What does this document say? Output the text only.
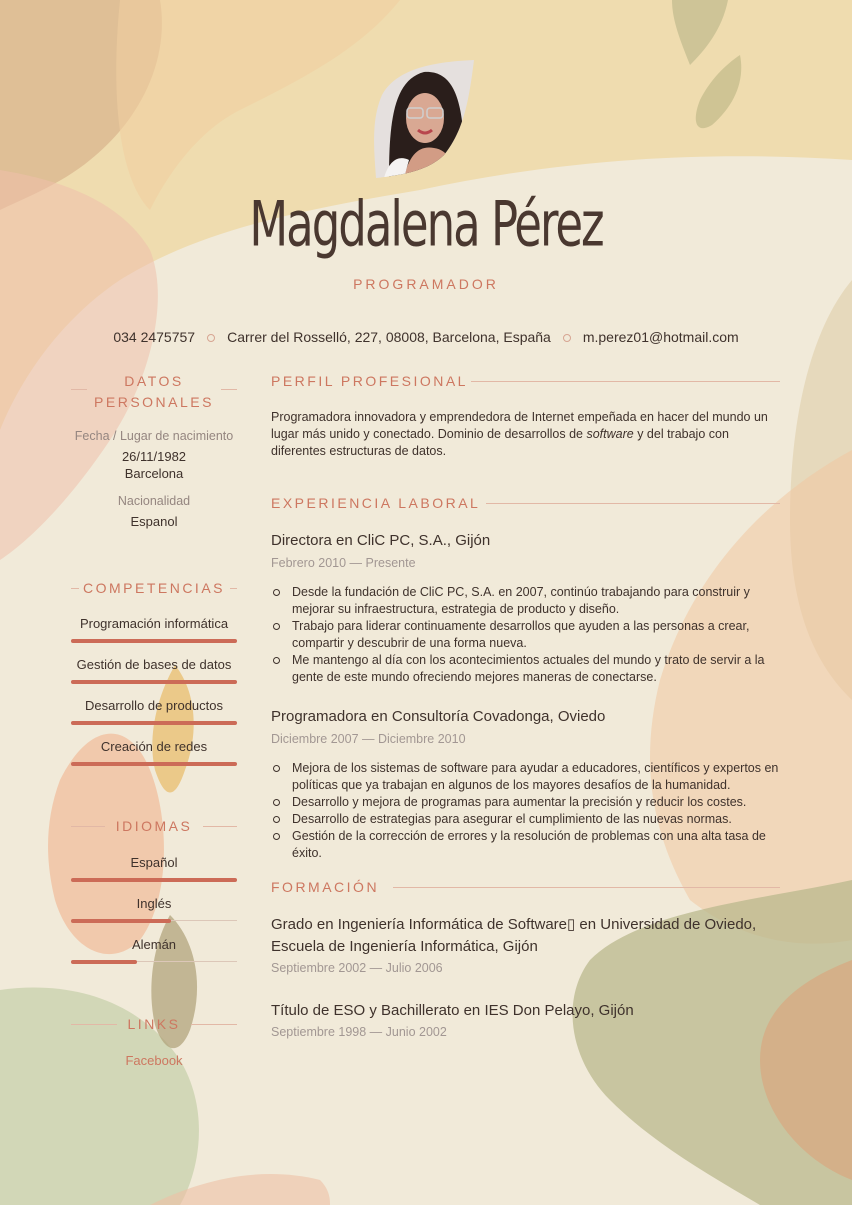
Magdalena Pérez
PROGRAMADOR
034 2475757 Carrer del Rosselló, 227, 08008, Barcelona, España m.perez01@hotmail.com
DATOS
PERSONALES
Fecha / Lugar de nacimiento
26/11/1982
Barcelona
Nacionalidad
Espanol
COMPETENCIAS
Programación informática
Gestión de bases de datos
Desarrollo de productos
Creación de redes
IDIOMAS
Español
Inglés
Alemán
LINKS
Facebook
PERFIL PROFESIONAL
Programadora innovadora y emprendedora de Internet empeñada en hacer del mundo un lugar más unido y conectado. Dominio de desarrollos de software y del trabajo con diferentes estructuras de datos.
EXPERIENCIA LABORAL
Directora en CliC PC, S.A., Gijón
Febrero 2010 — Presente
Desde la fundación de CliC PC, S.A. en 2007, continúo trabajando para construir y mejorar su infraestructura, estrategia de producto y diseño.
Trabajo para liderar continuamente desarrollos que ayuden a las personas a crear, compartir y descubrir de una forma nueva.
Me mantengo al día con los acontecimientos actuales del mundo y trato de servir a la gente de este mundo ofreciendo mejores maneras de conectarse.
Programadora en Consultoría Covadonga, Oviedo
Diciembre 2007 — Diciembre 2010
Mejora de los sistemas de software para ayudar a educadores, científicos y expertos en políticas que ya trabajan en algunos de los mayores desafíos de la humanidad.
Desarrollo y mejora de programas para aumentar la precisión y reducir los costes.
Desarrollo de estrategias para asegurar el cumplimiento de las nuevas normas.
Gestión de la corrección de errores y la resolución de problemas con una alta tasa de éxito.
FORMACIÓN
Grado en Ingeniería Informática de Software▯ en Universidad de Oviedo, Escuela de Ingeniería Informática, Gijón
Septiembre 2002 — Julio 2006
Título de ESO y Bachillerato en IES Don Pelayo, Gijón
Septiembre 1998 — Junio 2002
